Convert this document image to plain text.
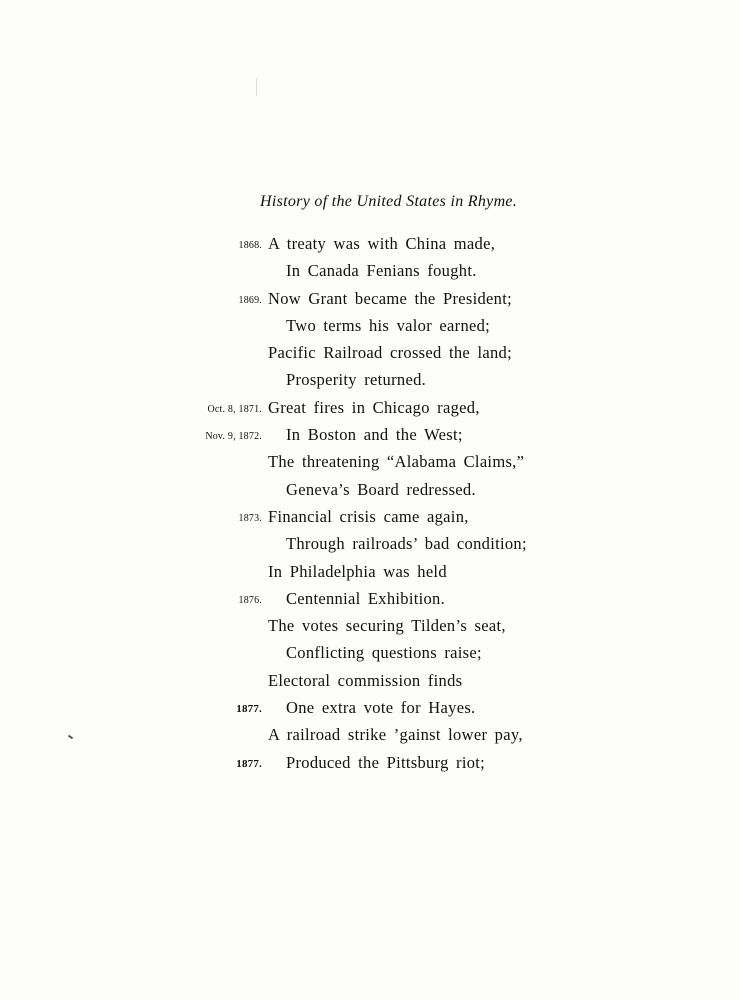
History of the United States in Rhyme.
1868. A treaty was with China made,
In Canada Fenians fought.
1869. Now Grant became the President;
Two terms his valor earned;
Pacific Railroad crossed the land;
Prosperity returned.
Oct. 8, 1871. Great fires in Chicago raged,
Nov. 9, 1872. In Boston and the West;
The threatening “Alabama Claims,”
Geneva’s Board redressed.
1873. Financial crisis came again,
Through railroads’ bad condition;
In Philadelphia was held
1876. Centennial Exhibition.
The votes securing Tilden’s seat,
Conflicting questions raise;
Electoral commission finds
1877. One extra vote for Hayes.
A railroad strike ’gainst lower pay,
1877. Produced the Pittsburg riot;
